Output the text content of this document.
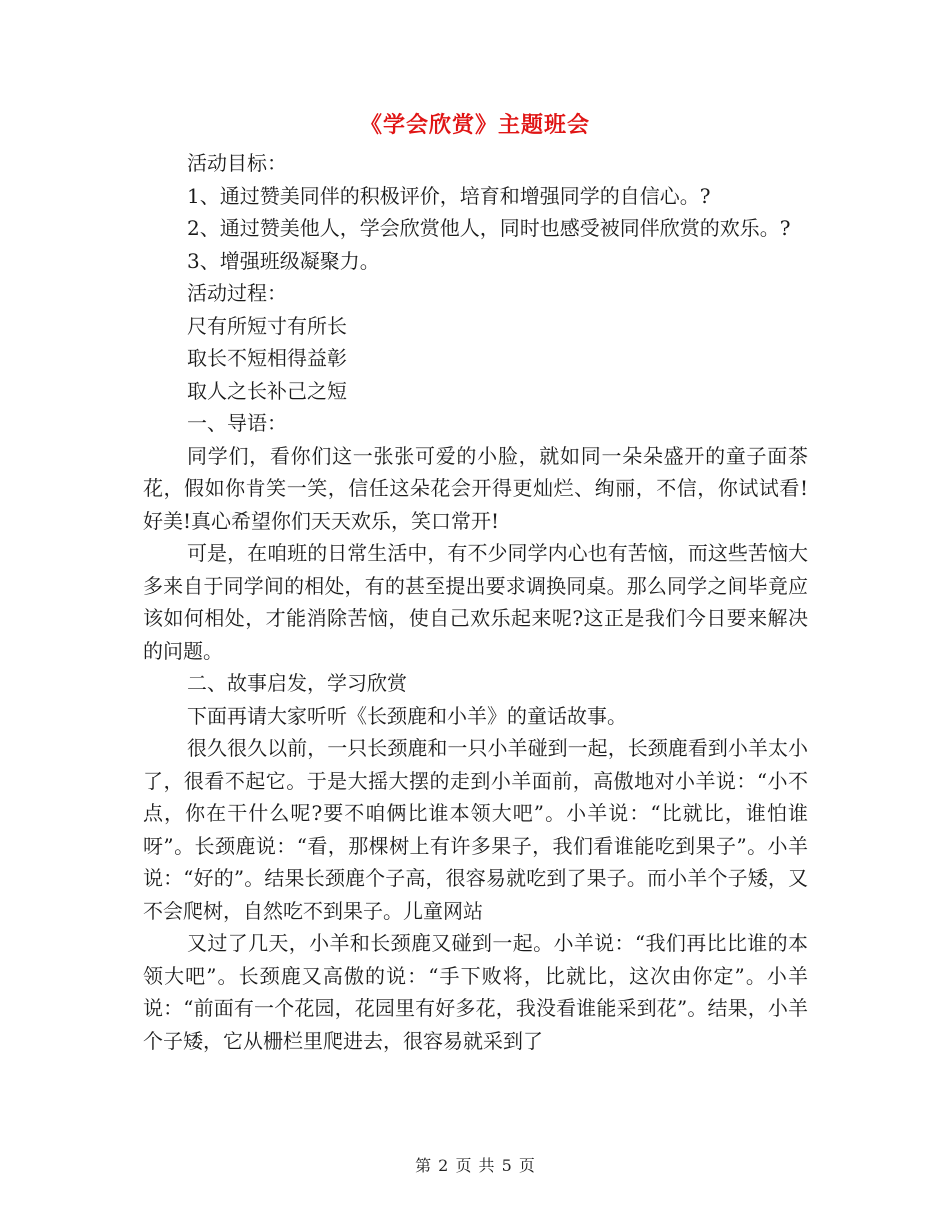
《学会欣赏》主题班会

活动目标：

1、通过赞美同伴的积极评价，培育和增强同学的自信心。?

2、通过赞美他人，学会欣赏他人，同时也感受被同伴欣赏的欢乐。?

3、增强班级凝聚力。

活动过程：

尺有所短寸有所长

取长不短相得益彰

取人之长补己之短

一、导语：

同学们，看你们这一张张可爱的小脸，就如同一朵朵盛开的童子面茶花，假如你肯笑一笑，信任这朵花会开得更灿烂、绚丽，不信，你试试看!好美!真心希望你们天天欢乐，笑口常开!

可是，在咱班的日常生活中，有不少同学内心也有苦恼，而这些苦恼大多来自于同学间的相处，有的甚至提出要求调换同桌。那么同学之间毕竟应该如何相处，才能消除苦恼，使自己欢乐起来呢?这正是我们今日要来解决的问题。

二、故事启发，学习欣赏

下面再请大家听听《长颈鹿和小羊》的童话故事。

很久很久以前，一只长颈鹿和一只小羊碰到一起，长颈鹿看到小羊太小了，很看不起它。于是大摇大摆的走到小羊面前，高傲地对小羊说：“小不点，你在干什么呢?要不咱俩比谁本领大吧”。小羊说：“比就比，谁怕谁呀”。长颈鹿说：“看，那棵树上有许多果子，我们看谁能吃到果子”。小羊说：“好的”。结果长颈鹿个子高，很容易就吃到了果子。而小羊个子矮，又不会爬树，自然吃不到果子。儿童网站

又过了几天，小羊和长颈鹿又碰到一起。小羊说：“我们再比比谁的本领大吧”。长颈鹿又高傲的说：“手下败将，比就比，这次由你定”。小羊说：“前面有一个花园，花园里有好多花，我没看谁能采到花”。结果，小羊个子矮，它从栅栏里爬进去，很容易就采到了

第 2 页 共 5 页
